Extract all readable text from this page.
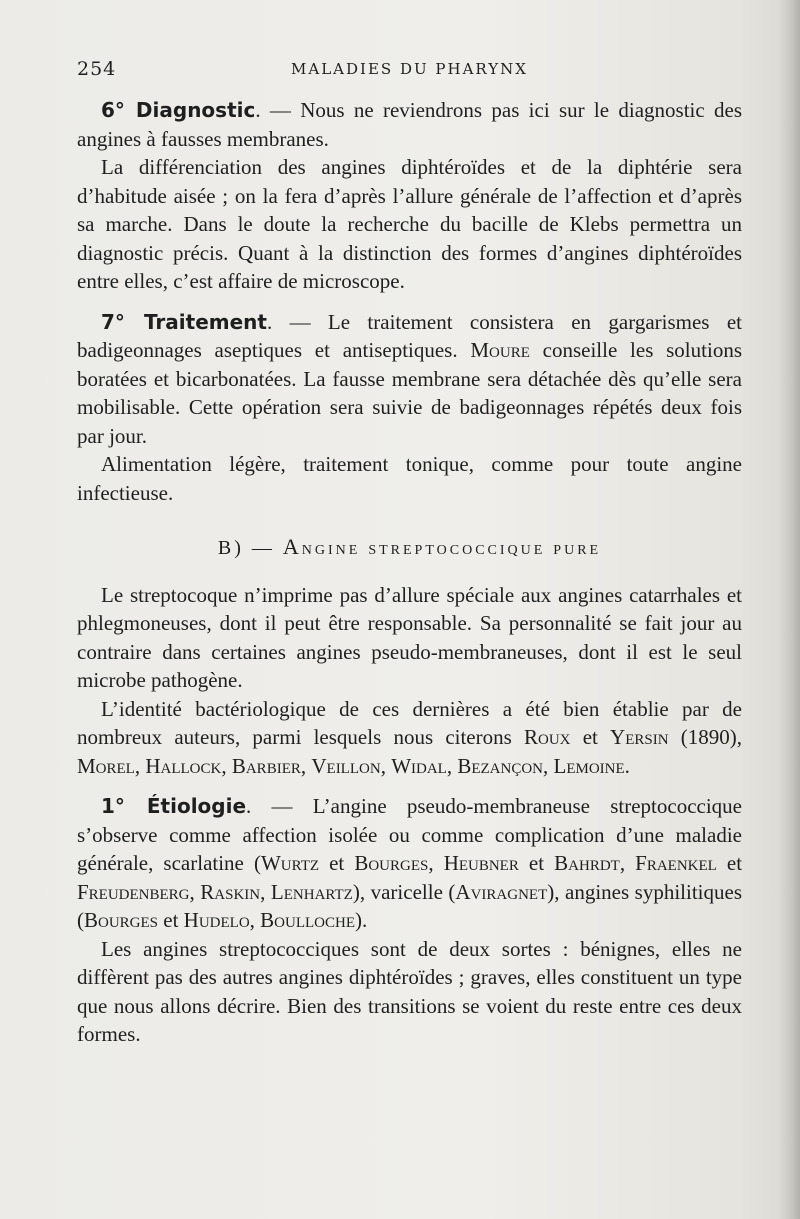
254	MALADIES DU PHARYNX

6° Diagnostic. — Nous ne reviendrons pas ici sur le diagnostic des angines à fausses membranes.

La différenciation des angines diphtéroïdes et de la diphtérie sera d’habitude aisée ; on la fera d’après l’allure générale de l’affection et d’après sa marche. Dans le doute la recherche du bacille de Klebs permettra un diagnostic précis. Quant à la distinction des formes d’angines diphtéroïdes entre elles, c’est affaire de microscope.

7° Traitement. — Le traitement consistera en gargarismes et badigeonnages aseptiques et antiseptiques. Moure conseille les solutions boratées et bicarbonatées. La fausse membrane sera détachée dès qu’elle sera mobilisable. Cette opération sera suivie de badigeonnages répétés deux fois par jour.

Alimentation légère, traitement tonique, comme pour toute angine infectieuse.

B) — Angine streptococcique pure

Le streptocoque n’imprime pas d’allure spéciale aux angines catarrhales et phlegmoneuses, dont il peut être responsable. Sa personnalité se fait jour au contraire dans certaines angines pseudo-membraneuses, dont il est le seul microbe pathogène.

L’identité bactériologique de ces dernières a été bien établie par de nombreux auteurs, parmi lesquels nous citerons Roux et Yersin (1890), Morel, Hallock, Barbier, Veillon, Widal, Bezançon, Lemoine.

1° Étiologie. — L’angine pseudo-membraneuse streptococcique s’observe comme affection isolée ou comme complication d’une maladie générale, scarlatine (Wurtz et Bourges, Heubner et Bahrdt, Fraenkel et Freudenberg, Raskin, Lenhartz), varicelle (Aviragnet), angines syphilitiques (Bourges et Hudelo, Boulloche).

Les angines streptococciques sont de deux sortes : bénignes, elles ne diffèrent pas des autres angines diphtéroïdes ; graves, elles constituent un type que nous allons décrire. Bien des transitions se voient du reste entre ces deux formes.
